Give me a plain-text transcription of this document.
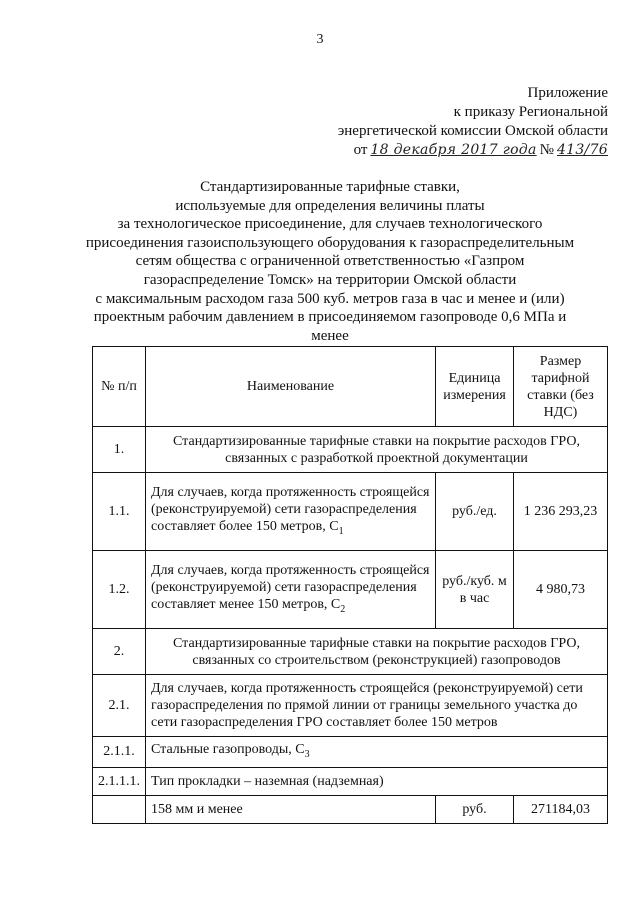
3
Приложение
к приказу Региональной
энергетической комиссии Омской области
от 18 декабря 2017 года № 413/76
Стандартизированные тарифные ставки,
используемые для определения величины платы
за технологическое присоединение, для случаев технологического
присоединения газоиспользующего оборудования к газораспределительным
сетям общества с ограниченной ответственностью «Газпром
газораспределение Томск» на территории Омской области
с максимальным расходом газа 500 куб. метров газа в час и менее и (или)
проектным рабочим давлением в присоединяемом газопроводе 0,6 МПа и
менее
№ п/п	Наименование	Единица измерения	Размер тарифной ставки (без НДС)
1.	Стандартизированные тарифные ставки на покрытие расходов ГРО, связанных с разработкой проектной документации		
1.1.	Для случаев, когда протяженность строящейся (реконструируемой) сети газораспределения составляет более 150 метров, $C_1$	руб./ед.	1 236 293,23
1.2.	Для случаев, когда протяженность строящейся (реконструируемой) сети газораспределения составляет менее 150 метров, $C_2$	руб./куб. м в час	4 980,73
2.	Стандартизированные тарифные ставки на покрытие расходов ГРО, связанных со строительством (реконструкцией) газопроводов		
2.1.	Для случаев, когда протяженность строящейся (реконструируемой) сети газораспределения по прямой линии от границы земельного участка до сети газораспределения ГРО составляет более 150 метров		
2.1.1.	Стальные газопроводы, $C_3$
2.1.1.1.	Тип прокладки – наземная (надземная)		
	158 мм и менее	руб.	271184,03
